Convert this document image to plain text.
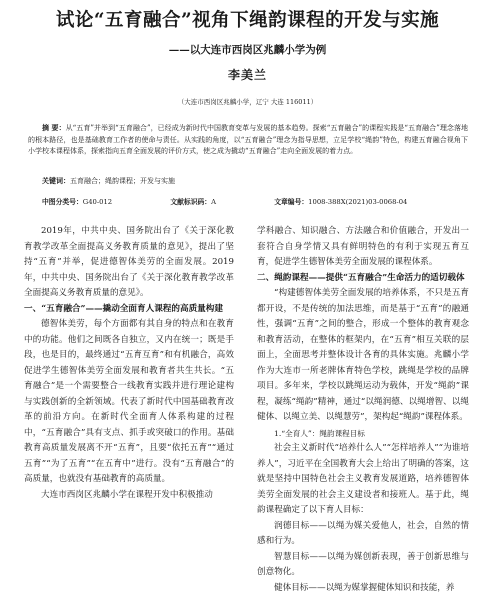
试论“五育融合”视角下绳韵课程的开发与实施
——以大连市西岗区兆麟小学为例
李美兰
（大连市西岗区兆麟小学，辽宁 大连 116011）
摘 要：从“五育”并举到“五育融合”，已经成为新时代中国教育变革与发展的基本趋势。探索“五育融合”的课程实践是“五育融合”理念落地的根本路径，也是基础教育工作者的使命与责任。从实践的角度，以“五育融合”理念为指导思想，立足学校“绳韵”特色，构建五育融合视角下小学校本课程体系，探索指向五育全面发展的评价方式，使之成为撬动“五育融合”走向全面发展的着力点。
关键词：五育融合；绳韵课程；开发与实施
中图分类号：G40-012	文献标识码：A	文章编号：1008-388X(2021)03-0068-04

2019年，中共中央、国务院出台了《关于深化教育教学改革全面提高义务教育质量的意见》，提出了坚持“五育”并举，促进德智体美劳的全面发展。2019年，中共中央、国务院出台了《关于深化教育教学改革全面提高义务教育质量的意见》。

一、“五育融合”——撬动全面育人课程的高质量构建

德智体美劳，每个方面都有其自身的特点和在教育中的功能。他们之间既各自独立，又内在统一；既是手段，也是目的，最终通过“五育互育”和有机融合，高效促进学生德智体美劳全面发展和教育者共生共长。“五育融合”是一个需要整合一线教育实践并进行理论建构与实践创新的全新领域。代表了新时代中国基础教育改革的前沿方向。在新时代全面育人体系构建的过程中，“五育融合”具有支点、抓手或突破口的作用。基础教育高质量发展离不开“五育”，且要“依托五育”“通过五育”“为了五育”“在五育中”进行。没有“五育融合”的高质量，也就没有基础教育的高质量。

大连市西岗区兆麟小学在课程开发中积极推动

学科融合、知识融合、方法融合和价值融合，开发出一套符合自身学情又具有鲜明特色的有利于实现五育互育，促进学生德智体美劳全面发展的课程体系。

二、绳韵课程——提供“五育融合”生命活力的适切载体

“构建德智体美劳全面发展的培养体系，不只是五育都开设，不是传统的加法思维，而是基于“五育”的融通性，强调“五育”之间的整合，形成一个整体的教育观念和教育活动，在整体的框架内，在“五育”相互关联的层面上，全面思考并整体设计各育的具体实施。兆麟小学作为大连市一所老牌体育特色学校，跳绳是学校的品牌项目。多年来，学校以跳绳运动为载体，开发“绳韵”课程，凝练“绳韵”精神，通过“以绳润德、以绳增智、以绳健体、以绳立美、以绳慧劳”，架构起“绳韵”课程体系。

1.“全育人”：绳韵课程目标

社会主义新时代“培养什么人”“怎样培养人”“为谁培养人”，习近平在全国教育大会上给出了明确的答案，这就是坚持中国特色社会主义教育发展道路，培养德智体美劳全面发展的社会主义建设者和接班人。基于此，绳韵课程确定了以下育人目标：

润德目标——以绳为媒关爱他人，社会，自然的情感和行为。

智慧目标——以绳为媒创新表现，善于创新思维与创意物化。

健体目标——以绳为媒掌握健体知识和技能，养
